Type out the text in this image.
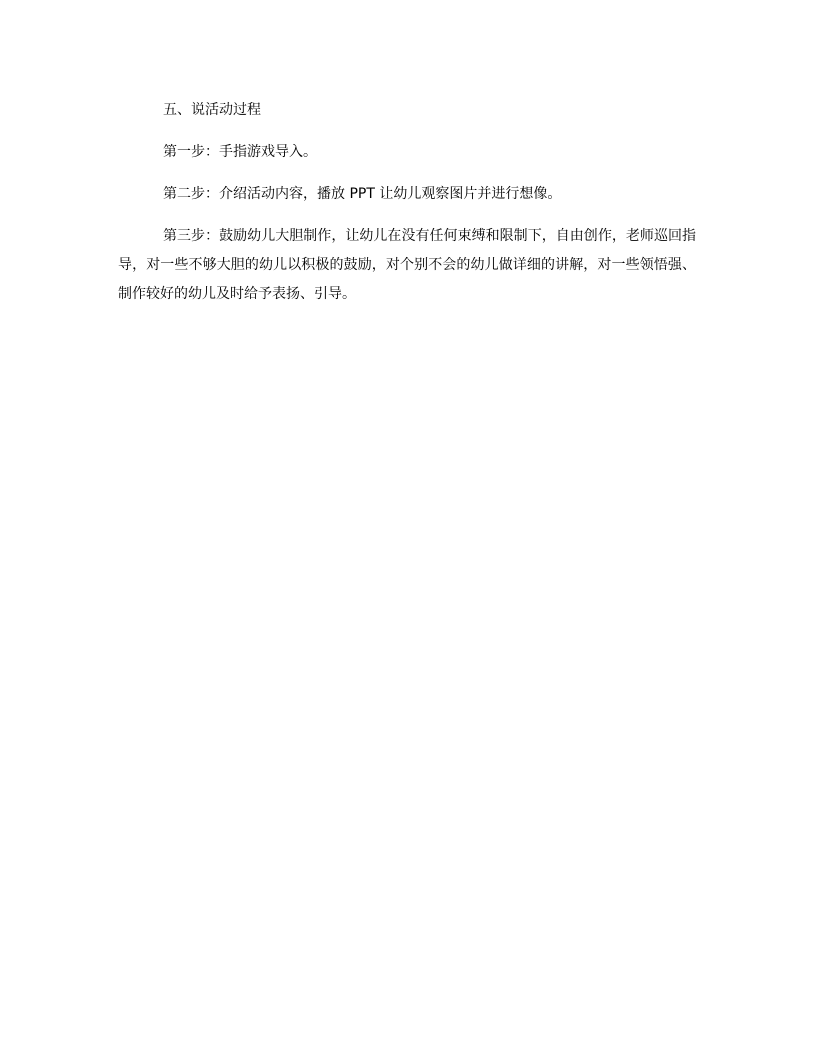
五、说活动过程

第一步：手指游戏导入。

第二步：介绍活动内容，播放 PPT 让幼儿观察图片并进行想像。

第三步：鼓励幼儿大胆制作，让幼儿在没有任何束缚和限制下，自由创作，老师巡回指导，对一些不够大胆的幼儿以积极的鼓励，对个别不会的幼儿做详细的讲解，对一些领悟强、制作较好的幼儿及时给予表扬、引导。
